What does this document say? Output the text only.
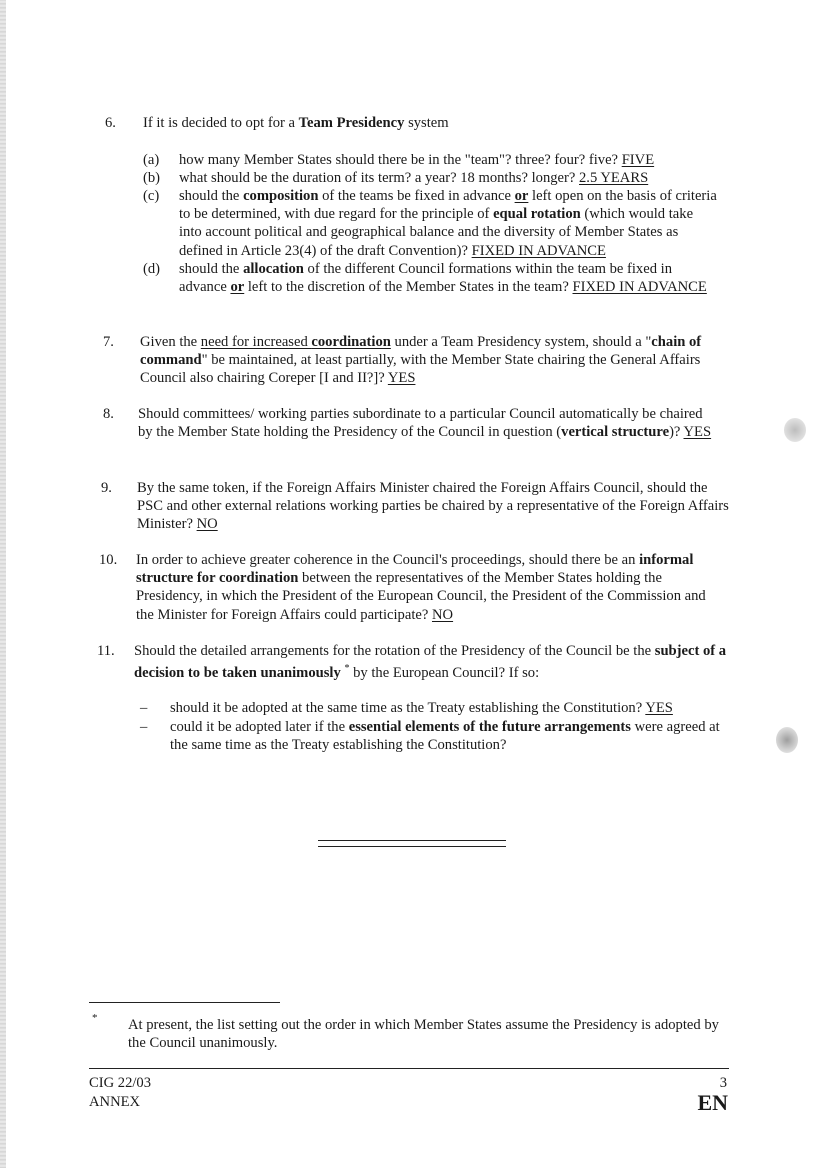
6. If it is decided to opt for a Team Presidency system
(a) how many Member States should there be in the "team"? three? four? five? FIVE
(b) what should be the duration of its term? a year? 18 months? longer? 2.5 YEARS
(c) should the composition of the teams be fixed in advance or left open on the basis of criteria to be determined, with due regard for the principle of equal rotation (which would take into account political and geographical balance and the diversity of Member States as defined in Article 23(4) of the draft Convention)? FIXED IN ADVANCE
(d) should the allocation of the different Council formations within the team be fixed in advance or left to the discretion of the Member States in the team? FIXED IN ADVANCE
7. Given the need for increased coordination under a Team Presidency system, should a "chain of command" be maintained, at least partially, with the Member State chairing the General Affairs Council also chairing Coreper [I and II?]? YES
8. Should committees/ working parties subordinate to a particular Council automatically be chaired by the Member State holding the Presidency of the Council in question (vertical structure)? YES
9. By the same token, if the Foreign Affairs Minister chaired the Foreign Affairs Council, should the PSC and other external relations working parties be chaired by a representative of the Foreign Affairs Minister? NO
10. In order to achieve greater coherence in the Council's proceedings, should there be an informal structure for coordination between the representatives of the Member States holding the Presidency, in which the President of the European Council, the President of the Commission and the Minister for Foreign Affairs could participate? NO
11. Should the detailed arrangements for the rotation of the Presidency of the Council be the subject of a decision to be taken unanimously * by the European Council? If so:
– should it be adopted at the same time as the Treaty establishing the Constitution? YES
– could it be adopted later if the essential elements of the future arrangements were agreed at the same time as the Treaty establishing the Constitution?
* At present, the list setting out the order in which Member States assume the Presidency is adopted by the Council unanimously.
CIG 22/03
ANNEX
3
EN
